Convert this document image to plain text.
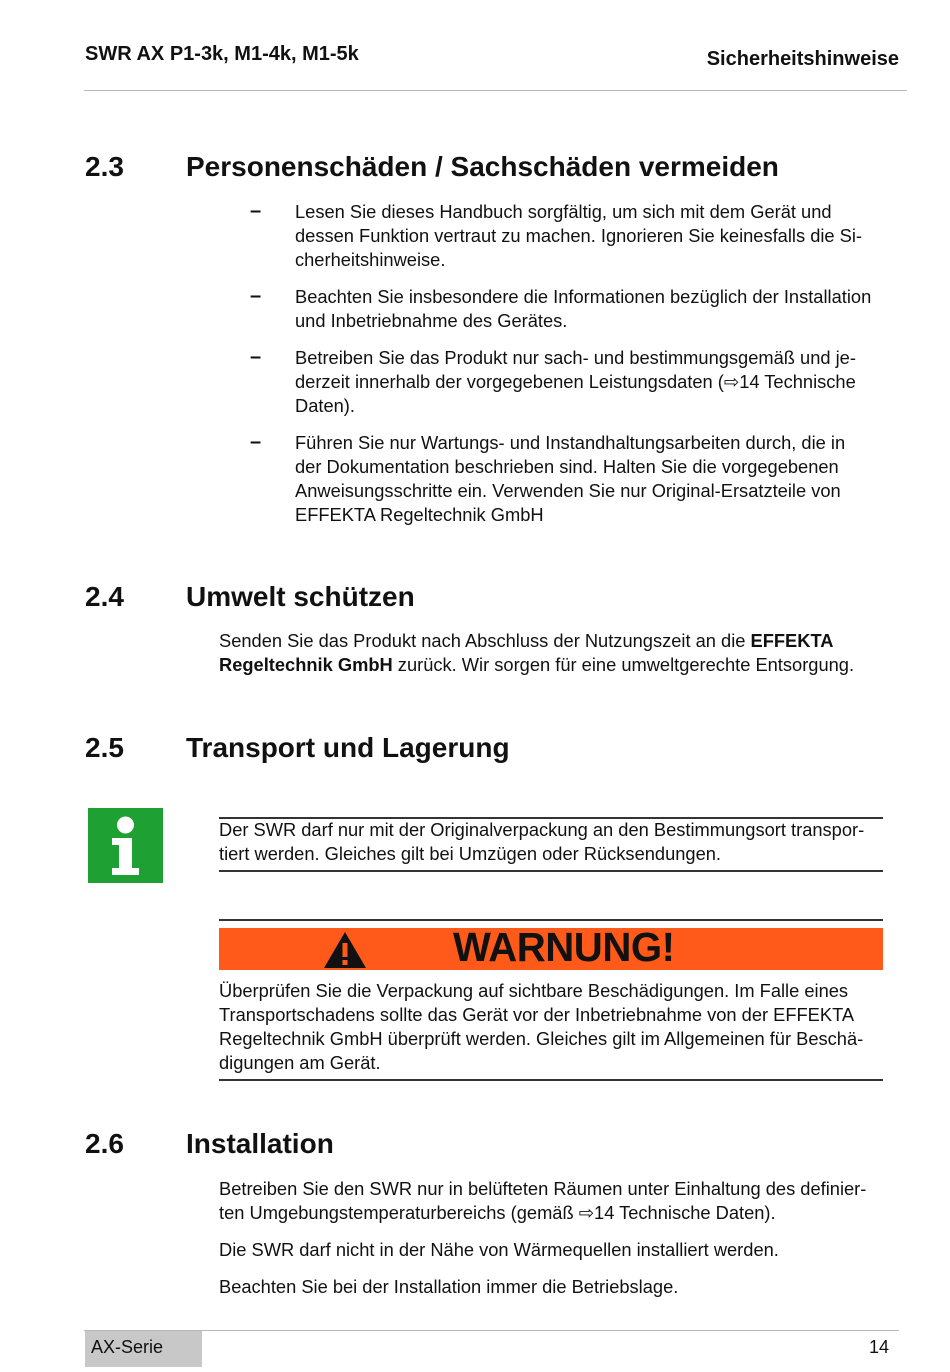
SWR AX P1-3k, M1-4k, M1-5k	Sicherheitshinweise
2.3 Personenschäden / Sachschäden vermeiden
– Lesen Sie dieses Handbuch sorgfältig, um sich mit dem Gerät und
dessen Funktion vertraut zu machen. Ignorieren Sie keinesfalls die Si-
cherheitshinweise.
– Beachten Sie insbesondere die Informationen bezüglich der Installation
und Inbetriebnahme des Gerätes.
– Betreiben Sie das Produkt nur sach- und bestimmungsgemäß und je-
derzeit innerhalb der vorgegebenen Leistungsdaten (⇨14 Technische
Daten).
– Führen Sie nur Wartungs- und Instandhaltungsarbeiten durch, die in
der Dokumentation beschrieben sind. Halten Sie die vorgegebenen
Anweisungsschritte ein. Verwenden Sie nur Original-Ersatzteile von
EFFEKTA Regeltechnik GmbH
2.4 Umwelt schützen
Senden Sie das Produkt nach Abschluss der Nutzungszeit an die EFFEKTA
Regeltechnik GmbH zurück. Wir sorgen für eine umweltgerechte Entsorgung.
2.5 Transport und Lagerung
Der SWR darf nur mit der Originalverpackung an den Bestimmungsort transpor-
tiert werden. Gleiches gilt bei Umzügen oder Rücksendungen.
WARNUNG!
Überprüfen Sie die Verpackung auf sichtbare Beschädigungen. Im Falle eines
Transportschadens sollte das Gerät vor der Inbetriebnahme von der EFFEKTA
Regeltechnik GmbH überprüft werden. Gleiches gilt im Allgemeinen für Beschä-
digungen am Gerät.
2.6 Installation
Betreiben Sie den SWR nur in belüfteten Räumen unter Einhaltung des definier-
ten Umgebungstemperaturbereichs (gemäß ⇨14 Technische Daten).
Die SWR darf nicht in der Nähe von Wärmequellen installiert werden.
Beachten Sie bei der Installation immer die Betriebslage.
AX-Serie	14
